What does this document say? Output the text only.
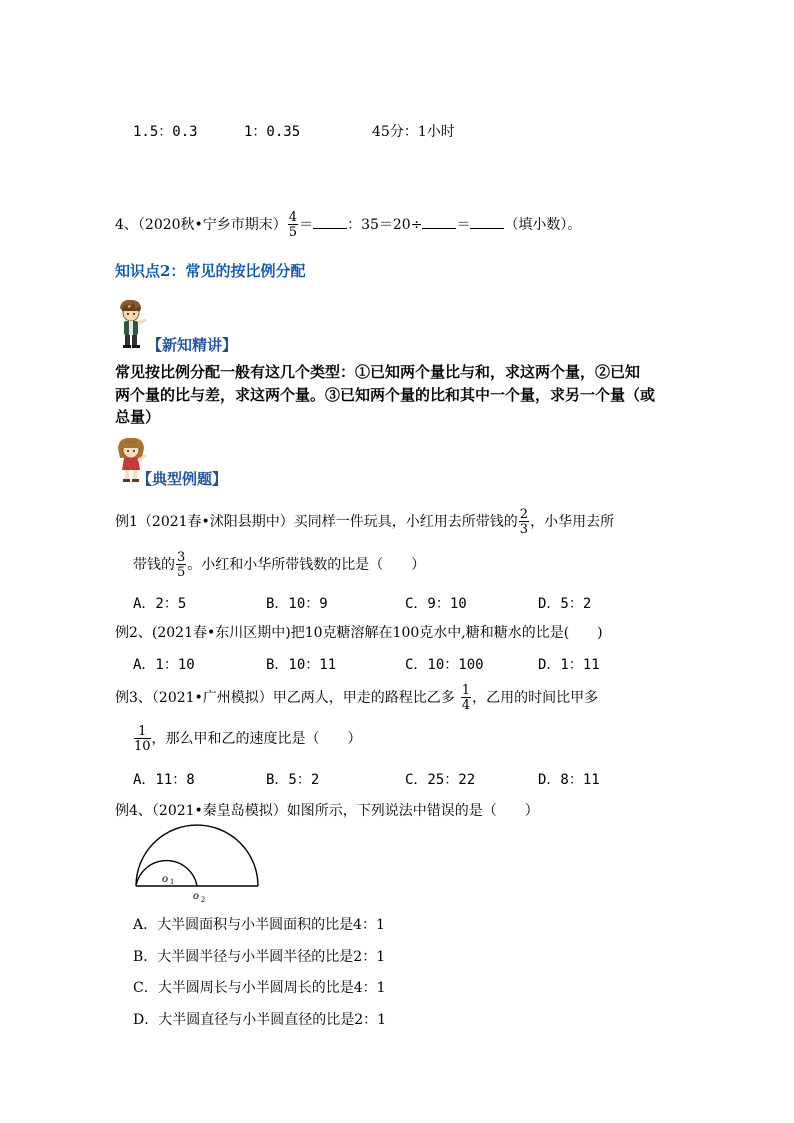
1.5：0.3	1：0.35	45分：1小时
4、（2020秋•宁乡市期末） $\frac{4}{5}$ ＝ ：35＝20÷ ＝ （填小数）。
知识点2：常见的按比例分配
【新知精讲】
常见按比例分配一般有这几个类型：①已知两个量比与和，求这两个量，②已知
两个量的比与差，求这两个量。③已知两个量的比和其中一个量，求另一个量（或
总量）
【典型例题】
例1（2021春•沭阳县期中）买同样一件玩具，小红用去所带钱的 $\frac{2}{3}$ ，小华用去所
带钱的 $\frac{3}{5}$ 。小红和小华所带钱数的比是（　　）
A．2：5	B．10：9	C．9：10	D．5：2
例2、(2021春•东川区期中)把10克糖溶解在100克水中,糖和糖水的比是(　　)
A．1：10	B．10：11	C．10：100	D．1：11
例3、（2021•广州模拟）甲乙两人，甲走的路程比乙多 $\frac{1}{4}$ ，乙用的时间比甲多
$\frac{1}{10}$ ，那么甲和乙的速度比是（　　）
A．11：8	B．5：2	C．25：22	D．8：11
例4、（2021•秦皇岛模拟）如图所示，下列说法中错误的是（　　）
o 1
o 2
A．大半圆面积与小半圆面积的比是4：1
B．大半圆半径与小半圆半径的比是2：1
C．大半圆周长与小半圆周长的比是4：1
D．大半圆直径与小半圆直径的比是2：1
